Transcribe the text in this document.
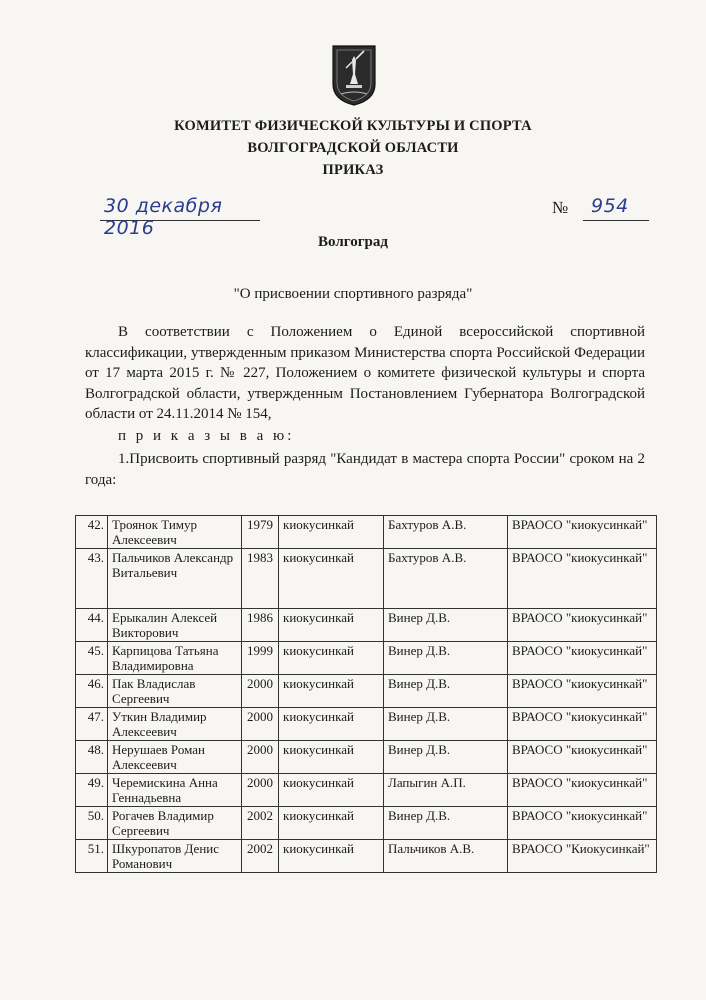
КОМИТЕТ ФИЗИЧЕСКОЙ КУЛЬТУРЫ И СПОРТА
ВОЛГОГРАДСКОЙ ОБЛАСТИ
ПРИКАЗ
30 декабря 2016
№ 954
Волгоград
"О присвоении спортивного разряда"
В соответствии с Положением о Единой всероссийской спортивной классификации, утвержденным приказом Министерства спорта Российской Федерации от 17 марта 2015 г. № 227, Положением о комитете физической культуры и спорта Волгоградской области, утвержденным Постановлением Губернатора Волгоградской области от 24.11.2014 № 154,
п р и к а з ы в а ю:
1.Присвоить спортивный разряд "Кандидат в мастера спорта России" сроком на 2 года:
42.	Троянок Тимур Алексеевич	1979	киокусинкай	Бахтуров А.В.	ВРАОСО "киокусинкай"
43.	Пальчиков Александр Витальевич	1983	киокусинкай	Бахтуров А.В.	ВРАОСО "киокусинкай"
44.	Ерыкалин Алексей Викторович	1986	киокусинкай	Винер Д.В.	ВРАОСО "киокусинкай"
45.	Карпицова Татьяна Владимировна	1999	киокусинкай	Винер Д.В.	ВРАОСО "киокусинкай"
46.	Пак Владислав Сергеевич	2000	киокусинкай	Винер Д.В.	ВРАОСО "киокусинкай"
47.	Уткин Владимир Алексеевич	2000	киокусинкай	Винер Д.В.	ВРАОСО "киокусинкай"
48.	Нерушаев Роман Алексеевич	2000	киокусинкай	Винер Д.В.	ВРАОСО "киокусинкай"
49.	Черемискина Анна Геннадьевна	2000	киокусинкай	Лапыгин А.П.	ВРАОСО "киокусинкай"
50.	Рогачев Владимир Сергеевич	2002	киокусинкай	Винер Д.В.	ВРАОСО "киокусинкай"
51.	Шкуропатов Денис Романович	2002	киокусинкай	Пальчиков А.В.	ВРАОСО "Киокусинкай"
